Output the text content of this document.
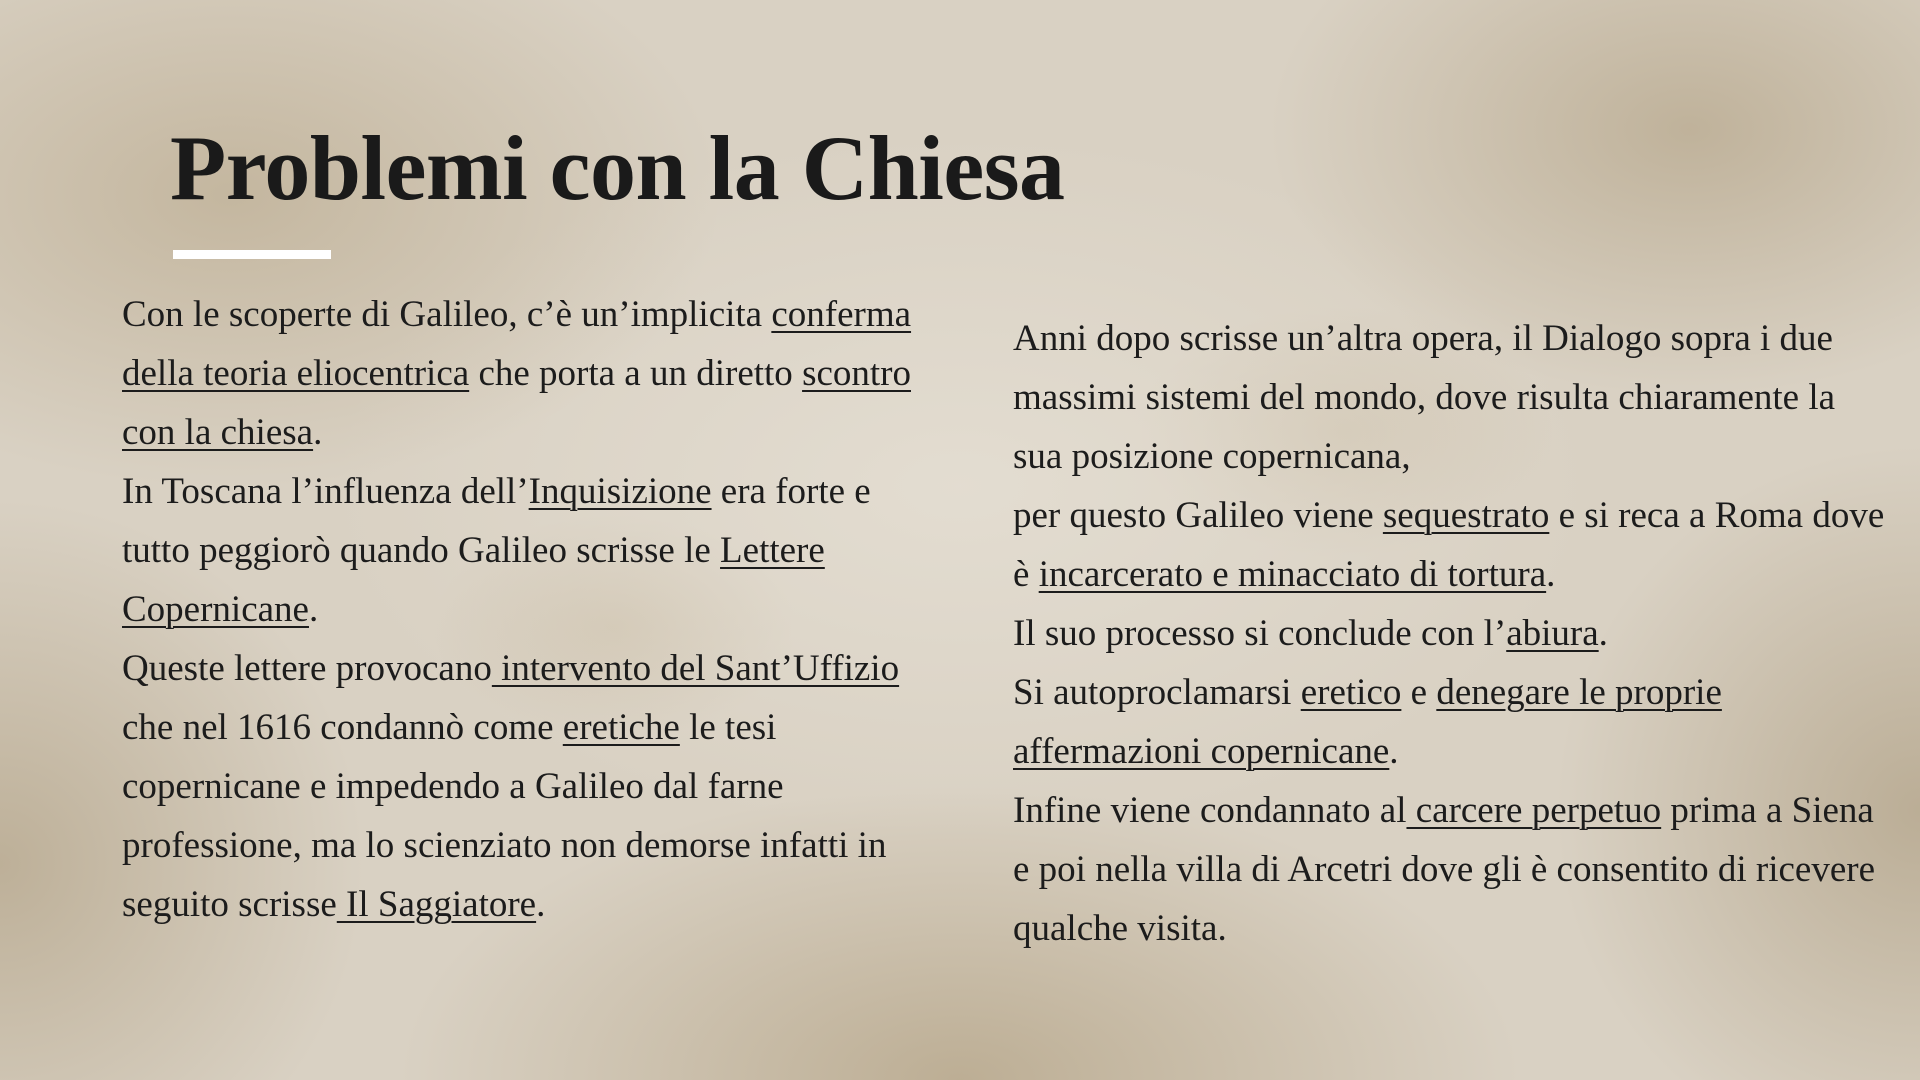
Problemi con la Chiesa

Con le scoperte di Galileo, c’è un’implicita conferma della teoria eliocentrica che porta a un diretto scontro con la chiesa.

In Toscana l’influenza dell’Inquisizione era forte e tutto peggiorò quando Galileo scrisse le Lettere Copernicane.

Queste lettere provocano intervento del Sant’Uffizio che nel 1616 condannò come eretiche le tesi copernicane e impedendo a Galileo dal farne professione, ma lo scienziato non demorse infatti in seguito scrisse Il Saggiatore.

Anni dopo scrisse un’altra opera, il Dialogo sopra i due massimi sistemi del mondo, dove risulta chiaramente la sua posizione copernicana,

per questo Galileo viene sequestrato e si reca a Roma dove è incarcerato e minacciato di tortura.

Il suo processo si conclude con l’abiura.

Si autoproclamarsi eretico e denegare le proprie affermazioni copernicane.

Infine viene condannato al carcere perpetuo prima a Siena e poi nella villa di Arcetri dove gli è consentito di ricevere qualche visita.
